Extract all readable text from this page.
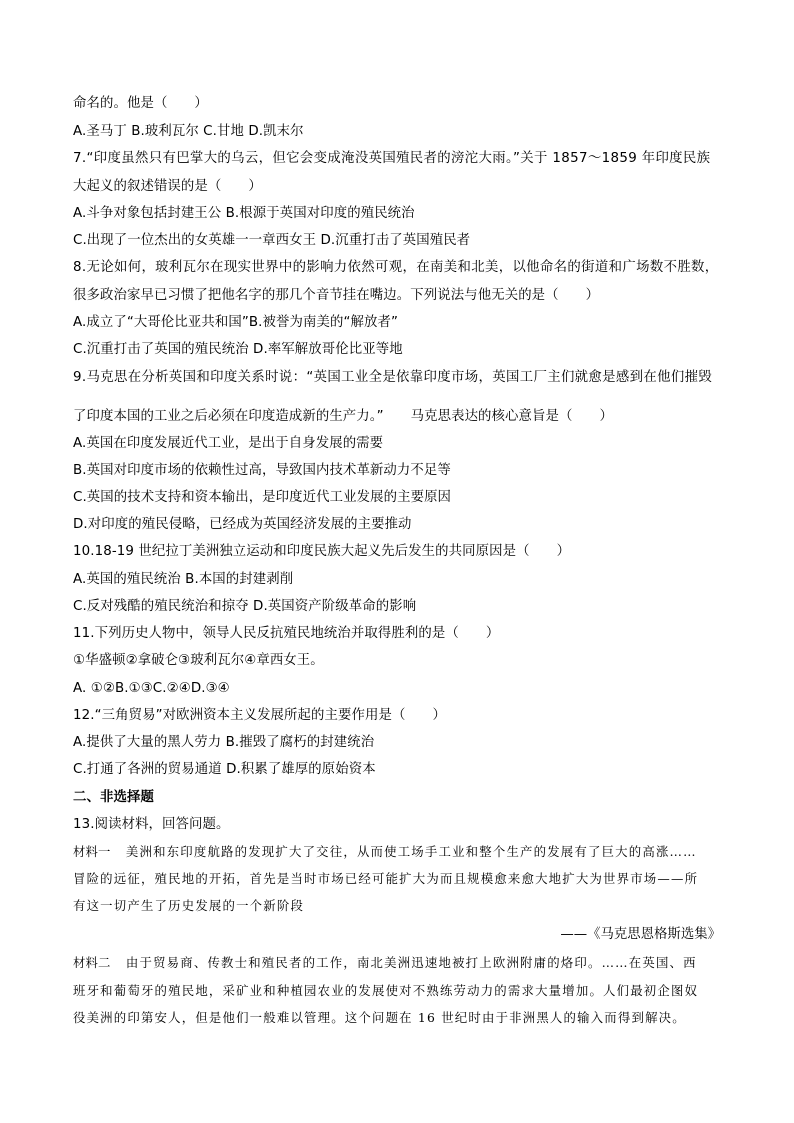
命名的。他是（　　）
A.圣马丁 B.玻利瓦尔 C.甘地 D.凯末尔
7.“印度虽然只有巴掌大的乌云，但它会变成淹没英国殖民者的滂沱大雨。”关于 1857～1859 年印度民族
大起义的叙述错误的是（　　）
A.斗争对象包括封建王公 B.根源于英国对印度的殖民统治
C.出现了一位杰出的女英雄一一章西女王 D.沉重打击了英国殖民者
8.无论如何，玻利瓦尔在现实世界中的影响力依然可观，在南美和北美，以他命名的街道和广场数不胜数，
很多政治家早已习惯了把他名字的那几个音节挂在嘴边。下列说法与他无关的是（　　）
A.成立了“大哥伦比亚共和国”B.被誉为南美的“解放者”
C.沉重打击了英国的殖民统治 D.率军解放哥伦比亚等地
9.马克思在分析英国和印度关系时说：“英国工业全是依靠印度市场，英国工厂主们就愈是感到在他们摧毁
了印度本国的工业之后必须在印度造成新的生产力。”　　马克思表达的核心意旨是（　　）
A.英国在印度发展近代工业，是出于自身发展的需要
B.英国对印度市场的依赖性过高，导致国内技术革新动力不足等
C.英国的技术支持和资本输出，是印度近代工业发展的主要原因
D.对印度的殖民侵略，已经成为英国经济发展的主要推动
10.18-19 世纪拉丁美洲独立运动和印度民族大起义先后发生的共同原因是（　　）
A.英国的殖民统治 B.本国的封建剥削
C.反对残酷的殖民统治和掠夺 D.英国资产阶级革命的影响
11.下列历史人物中，领导人民反抗殖民地统治并取得胜利的是（　　）
①华盛顿②拿破仑③玻利瓦尔④章西女王。
A. ①②B.①③C.②④D.③④
12.“三角贸易”对欧洲资本主义发展所起的主要作用是（　　）
A.提供了大量的黑人劳力 B.摧毁了腐朽的封建统治
C.打通了各洲的贸易通道 D.积累了雄厚的原始资本
二、非选择题
13.阅读材料，回答问题。
材料一 美洲和东印度航路的发现扩大了交往，从而使工场手工业和整个生产的发展有了巨大的高涨……
冒险的远征，殖民地的开拓，首先是当时市场已经可能扩大为而且规模愈来愈大地扩大为世界市场——所
有这一切产生了历史发展的一个新阶段
——《马克思恩格斯选集》
材料二 由于贸易商、传教士和殖民者的工作，南北美洲迅速地被打上欧洲附庸的烙印。……在英国、西
班牙和葡萄牙的殖民地，采矿业和种植园农业的发展使对不熟练劳动力的需求大量增加。人们最初企图奴
役美洲的印第安人，但是他们一般难以管理。这个问题在 16 世纪时由于非洲黑人的输入而得到解决。
